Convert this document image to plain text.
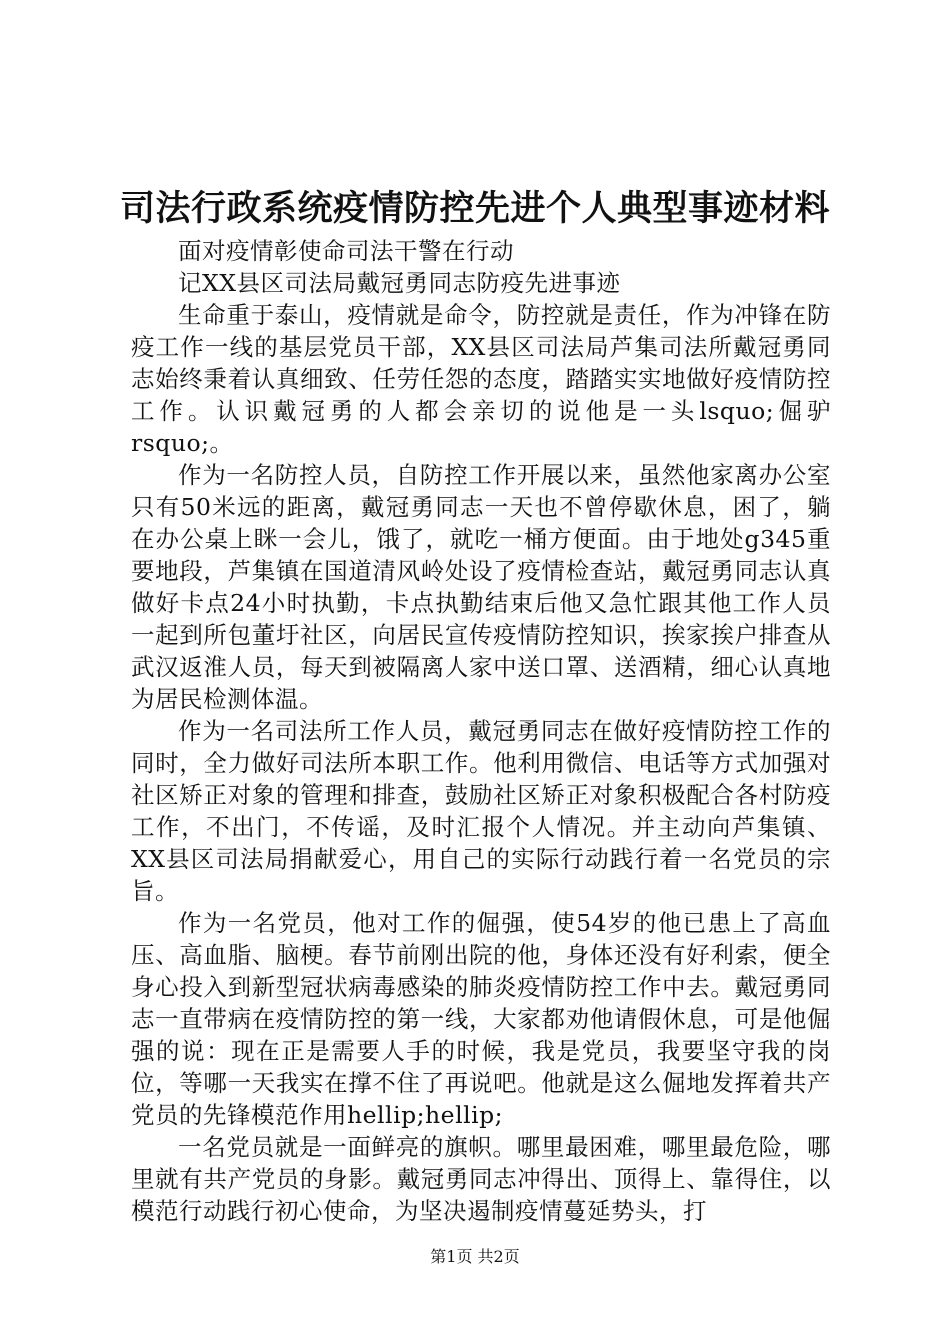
司法行政系统疫情防控先进个人典型事迹材料

面对疫情彰使命司法干警在行动

记XX县区司法局戴冠勇同志防疫先进事迹

生命重于泰山，疫情就是命令，防控就是责任，作为冲锋在防疫工作一线的基层党员干部，XX县区司法局芦集司法所戴冠勇同志始终秉着认真细致、任劳任怨的态度，踏踏实实地做好疫情防控工作。认识戴冠勇的人都会亲切的说他是一头lsquo;倔驴rsquo;。

作为一名防控人员，自防控工作开展以来，虽然他家离办公室只有50米远的距离，戴冠勇同志一天也不曾停歇休息，困了，躺在办公桌上眯一会儿，饿了，就吃一桶方便面。由于地处g345重要地段，芦集镇在国道清风岭处设了疫情检查站，戴冠勇同志认真做好卡点24小时执勤，卡点执勤结束后他又急忙跟其他工作人员一起到所包董圩社区，向居民宣传疫情防控知识，挨家挨户排查从武汉返淮人员，每天到被隔离人家中送口罩、送酒精，细心认真地为居民检测体温。

作为一名司法所工作人员，戴冠勇同志在做好疫情防控工作的同时，全力做好司法所本职工作。他利用微信、电话等方式加强对社区矫正对象的管理和排查，鼓励社区矫正对象积极配合各村防疫工作，不出门，不传谣，及时汇报个人情况。并主动向芦集镇、XX县区司法局捐献爱心，用自己的实际行动践行着一名党员的宗旨。

作为一名党员，他对工作的倔强，使54岁的他已患上了高血压、高血脂、脑梗。春节前刚出院的他，身体还没有好利索，便全身心投入到新型冠状病毒感染的肺炎疫情防控工作中去。戴冠勇同志一直带病在疫情防控的第一线，大家都劝他请假休息，可是他倔强的说：现在正是需要人手的时候，我是党员，我要坚守我的岗位，等哪一天我实在撑不住了再说吧。他就是这么倔地发挥着共产党员的先锋模范作用hellip;hellip;

一名党员就是一面鲜亮的旗帜。哪里最困难，哪里最危险，哪里就有共产党员的身影。戴冠勇同志冲得出、顶得上、靠得住，以模范行动践行初心使命，为坚决遏制疫情蔓延势头，打

第1页 共2页
